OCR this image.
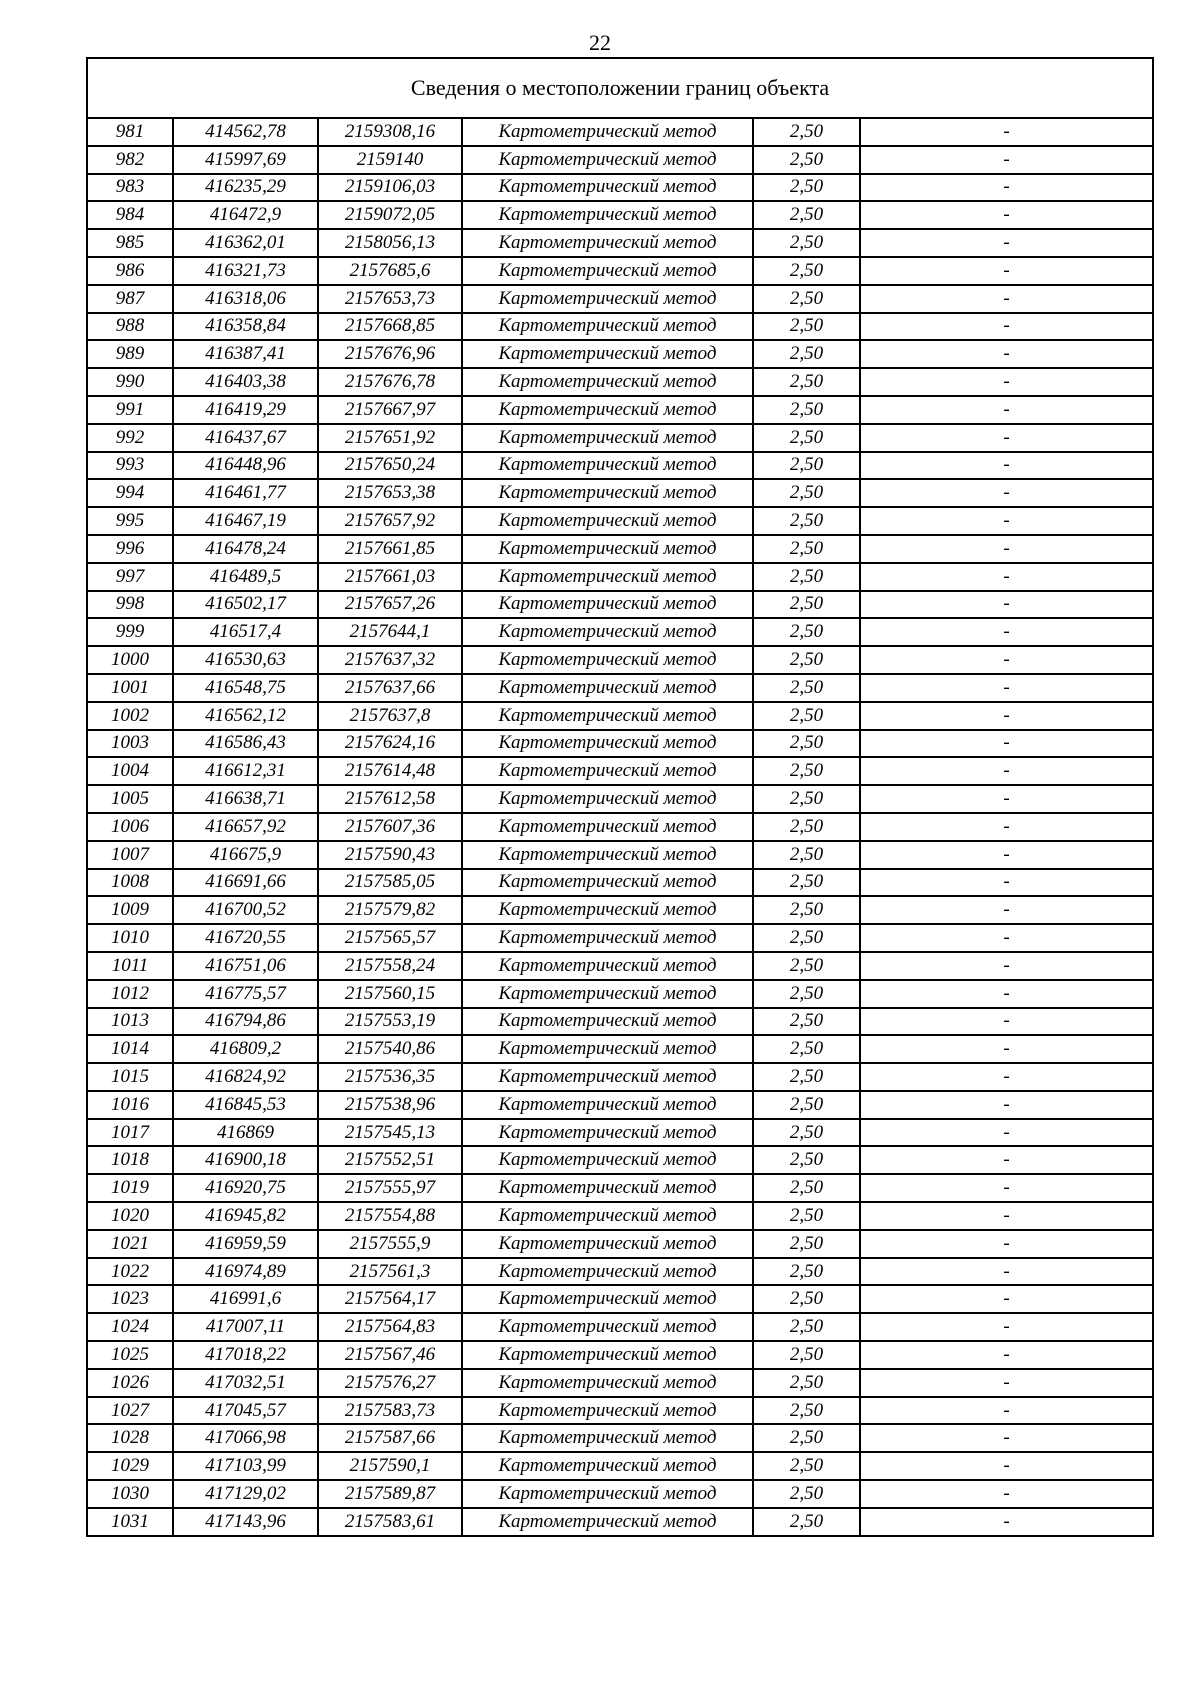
22
Сведения о местоположении границ объекта					
981	414562,78	2159308,16	Картометрический метод	2,50	-
982	415997,69	2159140	Картометрический метод	2,50	-
983	416235,29	2159106,03	Картометрический метод	2,50	-
984	416472,9	2159072,05	Картометрический метод	2,50	-
985	416362,01	2158056,13	Картометрический метод	2,50	-
986	416321,73	2157685,6	Картометрический метод	2,50	-
987	416318,06	2157653,73	Картометрический метод	2,50	-
988	416358,84	2157668,85	Картометрический метод	2,50	-
989	416387,41	2157676,96	Картометрический метод	2,50	-
990	416403,38	2157676,78	Картометрический метод	2,50	-
991	416419,29	2157667,97	Картометрический метод	2,50	-
992	416437,67	2157651,92	Картометрический метод	2,50	-
993	416448,96	2157650,24	Картометрический метод	2,50	-
994	416461,77	2157653,38	Картометрический метод	2,50	-
995	416467,19	2157657,92	Картометрический метод	2,50	-
996	416478,24	2157661,85	Картометрический метод	2,50	-
997	416489,5	2157661,03	Картометрический метод	2,50	-
998	416502,17	2157657,26	Картометрический метод	2,50	-
999	416517,4	2157644,1	Картометрический метод	2,50	-
1000	416530,63	2157637,32	Картометрический метод	2,50	-
1001	416548,75	2157637,66	Картометрический метод	2,50	-
1002	416562,12	2157637,8	Картометрический метод	2,50	-
1003	416586,43	2157624,16	Картометрический метод	2,50	-
1004	416612,31	2157614,48	Картометрический метод	2,50	-
1005	416638,71	2157612,58	Картометрический метод	2,50	-
1006	416657,92	2157607,36	Картометрический метод	2,50	-
1007	416675,9	2157590,43	Картометрический метод	2,50	-
1008	416691,66	2157585,05	Картометрический метод	2,50	-
1009	416700,52	2157579,82	Картометрический метод	2,50	-
1010	416720,55	2157565,57	Картометрический метод	2,50	-
1011	416751,06	2157558,24	Картометрический метод	2,50	-
1012	416775,57	2157560,15	Картометрический метод	2,50	-
1013	416794,86	2157553,19	Картометрический метод	2,50	-
1014	416809,2	2157540,86	Картометрический метод	2,50	-
1015	416824,92	2157536,35	Картометрический метод	2,50	-
1016	416845,53	2157538,96	Картометрический метод	2,50	-
1017	416869	2157545,13	Картометрический метод	2,50	-
1018	416900,18	2157552,51	Картометрический метод	2,50	-
1019	416920,75	2157555,97	Картометрический метод	2,50	-
1020	416945,82	2157554,88	Картометрический метод	2,50	-
1021	416959,59	2157555,9	Картометрический метод	2,50	-
1022	416974,89	2157561,3	Картометрический метод	2,50	-
1023	416991,6	2157564,17	Картометрический метод	2,50	-
1024	417007,11	2157564,83	Картометрический метод	2,50	-
1025	417018,22	2157567,46	Картометрический метод	2,50	-
1026	417032,51	2157576,27	Картометрический метод	2,50	-
1027	417045,57	2157583,73	Картометрический метод	2,50	-
1028	417066,98	2157587,66	Картометрический метод	2,50	-
1029	417103,99	2157590,1	Картометрический метод	2,50	-
1030	417129,02	2157589,87	Картометрический метод	2,50	-
1031	417143,96	2157583,61	Картометрический метод	2,50	-
